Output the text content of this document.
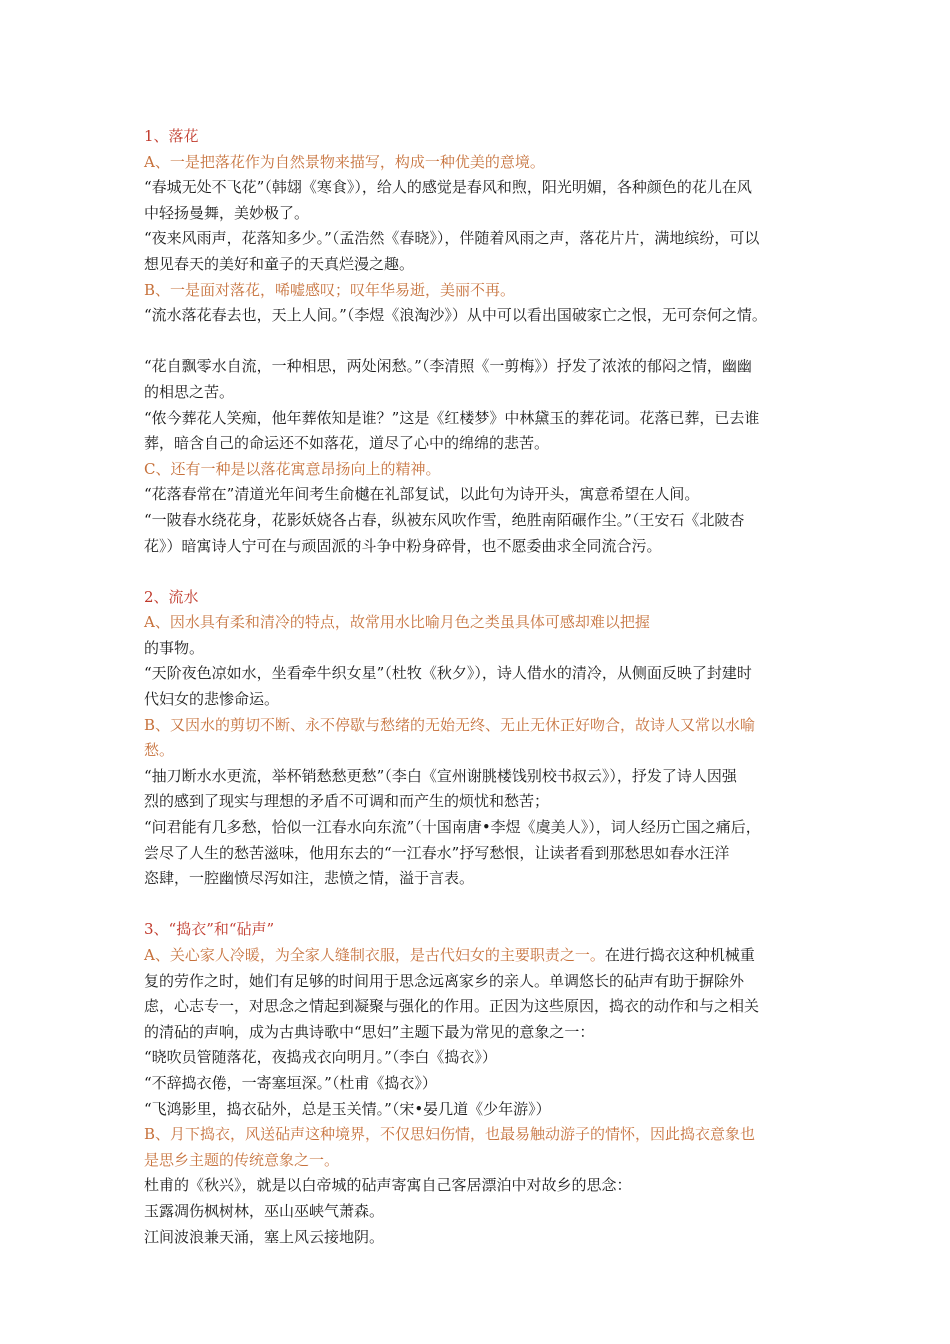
1、落花
A、一是把落花作为自然景物来描写，构成一种优美的意境。
“春城无处不飞花”（韩翃《寒食》），给人的感觉是春风和煦，阳光明媚，各种颜色的花儿在风
中轻扬曼舞，美妙极了。
“夜来风雨声，花落知多少。”（孟浩然《春晓》），伴随着风雨之声，落花片片，满地缤纷，可以
想见春天的美好和童子的天真烂漫之趣。
B、一是面对落花，唏嘘感叹；叹年华易逝，美丽不再。
“流水落花春去也，天上人间。”（李煜《浪淘沙》）从中可以看出国破家亡之恨，无可奈何之情。
“花自飘零水自流，一种相思，两处闲愁。”（李清照《一剪梅》）抒发了浓浓的郁闷之情，幽幽
的相思之苦。
“侬今葬花人笑痴，他年葬侬知是谁？”这是《红楼梦》中林黛玉的葬花词。花落已葬，已去谁
葬，暗含自己的命运还不如落花，道尽了心中的绵绵的悲苦。
C、还有一种是以落花寓意昂扬向上的精神。
“花落春常在”清道光年间考生俞樾在礼部复试，以此句为诗开头，寓意希望在人间。
“一陂春水绕花身，花影妖娆各占春，纵被东风吹作雪，绝胜南陌碾作尘。”（王安石《北陂杏
花》）暗寓诗人宁可在与顽固派的斗争中粉身碎骨，也不愿委曲求全同流合污。
2、流水
A、因水具有柔和清冷的特点，故常用水比喻月色之类虽具体可感却难以把握
的事物。
“天阶夜色凉如水，坐看牵牛织女星”（杜牧《秋夕》），诗人借水的清冷，从侧面反映了封建时
代妇女的悲惨命运。
B、又因水的剪切不断、永不停歇与愁绪的无始无终、无止无休正好吻合，故诗人又常以水喻
愁。
“抽刀断水水更流，举杯销愁愁更愁”（李白《宣州谢朓楼饯别校书叔云》），抒发了诗人因强
烈的感到了现实与理想的矛盾不可调和而产生的烦忧和愁苦；
“问君能有几多愁，恰似一江春水向东流”（十国南唐•李煜《虞美人》），词人经历亡国之痛后，
尝尽了人生的愁苦滋味，他用东去的“一江春水”抒写愁恨，让读者看到那愁思如春水汪洋
恣肆，一腔幽愤尽泻如注，悲愤之情，溢于言表。
3、“捣衣”和“砧声”
A、关心家人冷暖，为全家人缝制衣服，是古代妇女的主要职责之一。在进行捣衣这种机械重
复的劳作之时，她们有足够的时间用于思念远离家乡的亲人。单调悠长的砧声有助于摒除外
虑，心志专一，对思念之情起到凝聚与强化的作用。正因为这些原因，捣衣的动作和与之相关
的清砧的声响，成为古典诗歌中“思妇”主题下最为常见的意象之一：
“晓吹员管随落花，夜捣戎衣向明月。”（李白《捣衣》）
“不辞捣衣倦，一寄塞垣深。”（杜甫《捣衣》）
“飞鸿影里，捣衣砧外，总是玉关情。”（宋•晏几道《少年游》）
B、月下捣衣，风送砧声这种境界，不仅思妇伤情，也最易触动游子的情怀，因此捣衣意象也
是思乡主题的传统意象之一。
杜甫的《秋兴》，就是以白帝城的砧声寄寓自己客居漂泊中对故乡的思念：
玉露凋伤枫树林，巫山巫峡气萧森。
江间波浪兼天涌，塞上风云接地阴。
